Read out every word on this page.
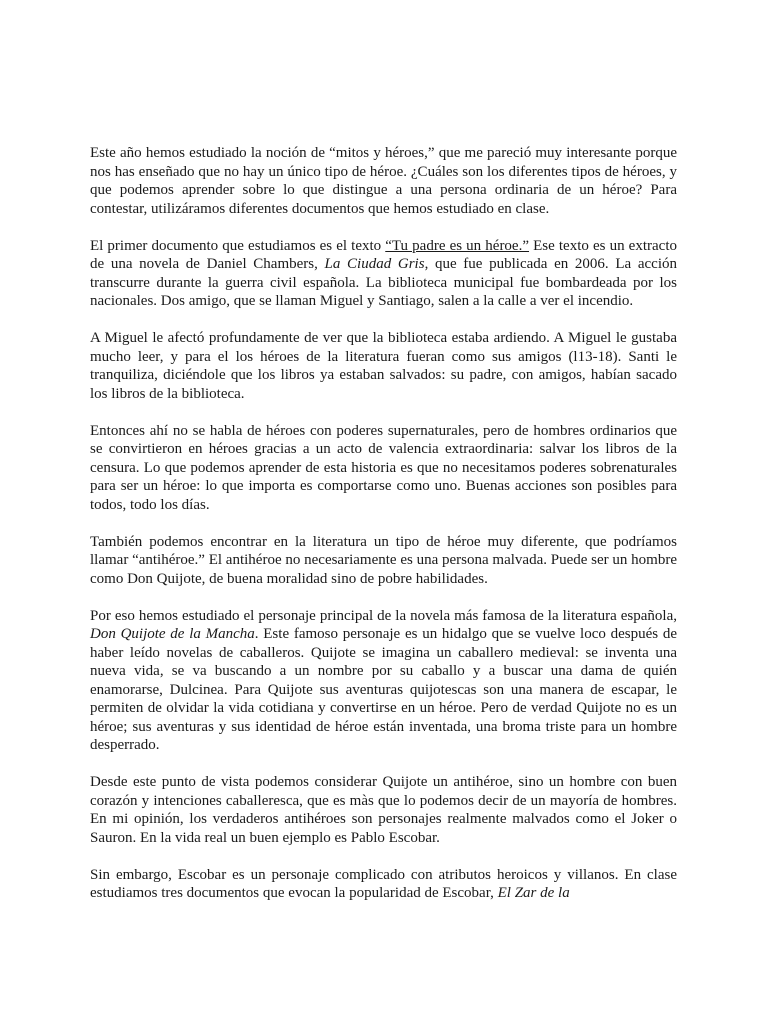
Este año hemos estudiado la noción de “mitos y héroes,” que me pareció muy interesante porque nos has enseñado que no hay un único tipo de héroe. ¿Cuáles son los diferentes tipos de héroes, y que podemos aprender sobre lo que distingue a una persona ordinaria de un héroe? Para contestar, utilizáramos diferentes documentos que hemos estudiado en clase.

El primer documento que estudiamos es el texto “Tu padre es un héroe.” Ese texto es un extracto de una novela de Daniel Chambers, La Ciudad Gris, que fue publicada en 2006. La acción transcurre durante la guerra civil española. La biblioteca municipal fue bombardeada por los nacionales. Dos amigo, que se llaman Miguel y Santiago, salen a la calle a ver el incendio.

A Miguel le afectó profundamente de ver que la biblioteca estaba ardiendo. A Miguel le gustaba mucho leer, y para el los héroes de la literatura fueran como sus amigos (l13-18). Santi le tranquiliza, diciéndole que los libros ya estaban salvados: su padre, con amigos, habían sacado los libros de la biblioteca.

Entonces ahí no se habla de héroes con poderes supernaturales, pero de hombres ordinarios que se convirtieron en héroes gracias a un acto de valencia extraordinaria: salvar los libros de la censura. Lo que podemos aprender de esta historia es que no necesitamos poderes sobrenaturales para ser un héroe: lo que importa es comportarse como uno. Buenas acciones son posibles para todos, todo los días.

También podemos encontrar en la literatura un tipo de héroe muy diferente, que podríamos llamar “antihéroe.” El antihéroe no necesariamente es una persona malvada. Puede ser un hombre como Don Quijote, de buena moralidad sino de pobre habilidades.

Por eso hemos estudiado el personaje principal de la novela más famosa de la literatura española, Don Quijote de la Mancha. Este famoso personaje es un hidalgo que se vuelve loco después de haber leído novelas de caballeros. Quijote se imagina un caballero medieval: se inventa una nueva vida, se va buscando a un nombre por su caballo y a buscar una dama de quién enamorarse, Dulcinea. Para Quijote sus aventuras quijotescas son una manera de escapar, le permiten de olvidar la vida cotidiana y convertirse en un héroe. Pero de verdad Quijote no es un héroe; sus aventuras y sus identidad de héroe están inventada, una broma triste para un hombre desperrado.

Desde este punto de vista podemos considerar Quijote un antihéroe, sino un hombre con buen corazón y intenciones caballeresca, que es màs que lo podemos decir de un mayoría de hombres. En mi opinión, los verdaderos antihéroes son personajes realmente malvados como el Joker o Sauron. En la vida real un buen ejemplo es Pablo Escobar.

Sin embargo, Escobar es un personaje complicado con atributos heroicos y villanos. En clase estudiamos tres documentos que evocan la popularidad de Escobar, El Zar de la
